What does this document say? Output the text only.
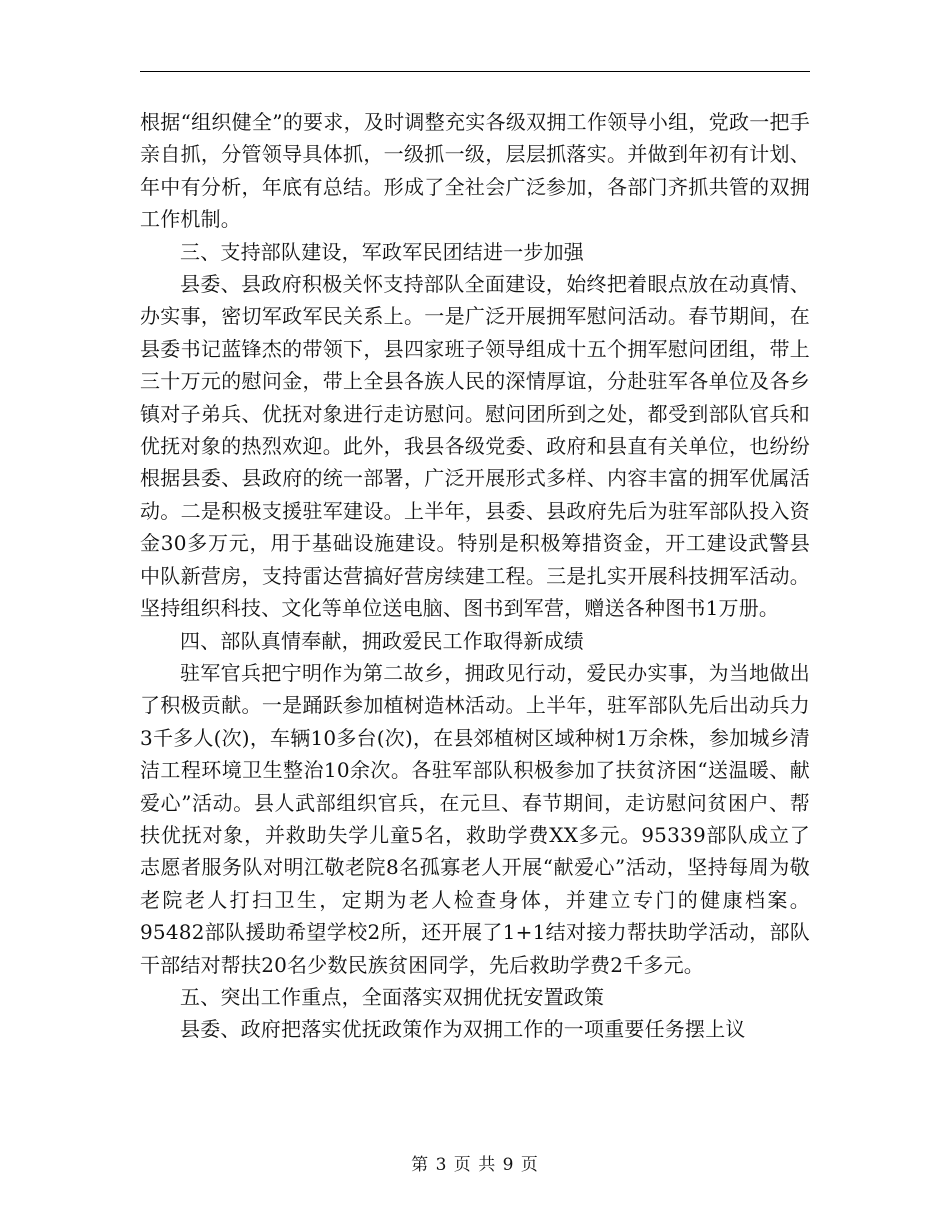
根据“组织健全”的要求，及时调整充实各级双拥工作领导小组，党政一把手亲自抓，分管领导具体抓，一级抓一级，层层抓落实。并做到年初有计划、年中有分析，年底有总结。形成了全社会广泛参加，各部门齐抓共管的双拥工作机制。

三、支持部队建设，军政军民团结进一步加强

县委、县政府积极关怀支持部队全面建设，始终把着眼点放在动真情、办实事，密切军政军民关系上。一是广泛开展拥军慰问活动。春节期间，在县委书记蓝锋杰的带领下，县四家班子领导组成十五个拥军慰问团组，带上三十万元的慰问金，带上全县各族人民的深情厚谊，分赴驻军各单位及各乡镇对子弟兵、优抚对象进行走访慰问。慰问团所到之处，都受到部队官兵和优抚对象的热烈欢迎。此外，我县各级党委、政府和县直有关单位，也纷纷根据县委、县政府的统一部署，广泛开展形式多样、内容丰富的拥军优属活动。二是积极支援驻军建设。上半年，县委、县政府先后为驻军部队投入资金30多万元，用于基础设施建设。特别是积极筹措资金，开工建设武警县中队新营房，支持雷达营搞好营房续建工程。三是扎实开展科技拥军活动。坚持组织科技、文化等单位送电脑、图书到军营，赠送各种图书1万册。

四、部队真情奉献，拥政爱民工作取得新成绩

驻军官兵把宁明作为第二故乡，拥政见行动，爱民办实事，为当地做出了积极贡献。一是踊跃参加植树造林活动。上半年，驻军部队先后出动兵力3千多人(次)，车辆10多台(次)，在县郊植树区域种树1万余株，参加城乡清洁工程环境卫生整治10余次。各驻军部队积极参加了扶贫济困“送温暖、献爱心”活动。县人武部组织官兵，在元旦、春节期间，走访慰问贫困户、帮扶优抚对象，并救助失学儿童5名，救助学费XX多元。95339部队成立了志愿者服务队对明江敬老院8名孤寡老人开展“献爱心”活动，坚持每周为敬老院老人打扫卫生，定期为老人检查身体，并建立专门的健康档案。95482部队援助希望学校2所，还开展了1+1结对接力帮扶助学活动，部队干部结对帮扶20名少数民族贫困同学，先后救助学费2千多元。

五、突出工作重点，全面落实双拥优抚安置政策

县委、政府把落实优抚政策作为双拥工作的一项重要任务摆上议

第 3 页 共 9 页
